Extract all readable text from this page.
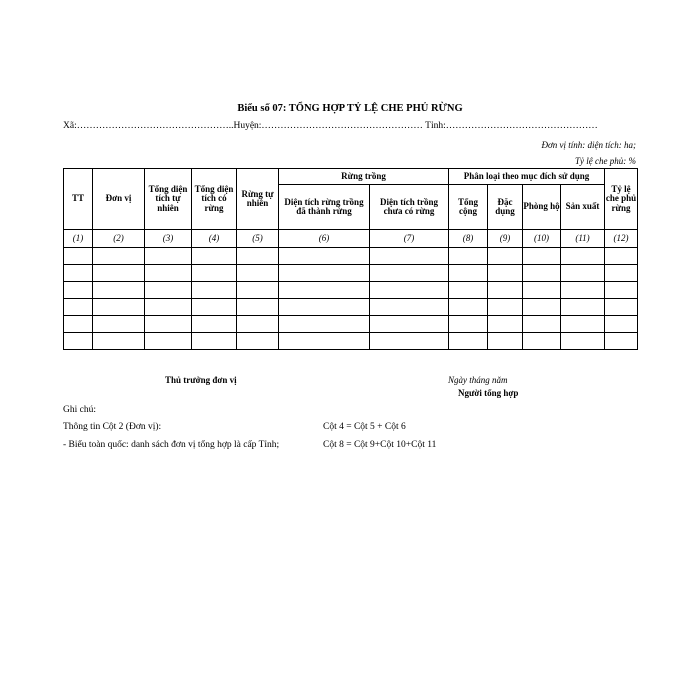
Biểu số 07: TỔNG HỢP TỶ LỆ CHE PHỦ RỪNG
Xã:…………………………………………..Huyện:…………………………………………… Tỉnh:…………………………………………
Đơn vị tính: diện tích: ha;
Tỷ lệ che phủ: %
TT	Đơn vị	Tổng diện tích tự nhiên	Tổng diện tích có rừng	Rừng tự nhiên	Rừng trồng		Phân loại theo mục đích sử dụng				Tỷ lệ che phủ rừng
					Diện tích rừng trồng đã thành rừng	Diện tích trồng chưa có rừng	Tổng cộng	Đặc dụng	Phòng hộ	Sản xuất	
(1)	(2)	(3)	(4)	(5)	(6)	(7)	(8)	(9)	(10)	(11)	(12)

Thủ trưởng đơn vị	Ngày tháng năm
Người tổng hợp
Ghi chú:
Thông tin Cột 2 (Đơn vị):
- Biểu toàn quốc: danh sách đơn vị tổng hợp là cấp Tỉnh;
Cột 4 = Cột 5 + Cột 6
Cột 8 = Cột 9+Cột 10+Cột 11
